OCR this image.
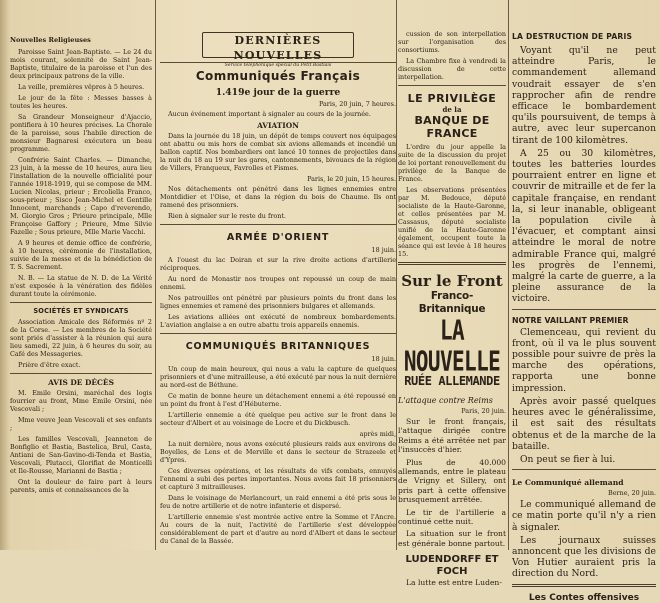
Nouvelles Religieuses

Paroisse Saint Jean-Baptiste. — Le 24 du mois courant, solennité de Saint Jean-Baptiste, titulaire de la paroisse et l'un des deux principaux patrons de la ville.

La veille, premières vêpres à 5 heures.

Le jour de la fête : Messes basses à toutes les heures.

Sa Grandeur Monseigneur d'Ajaccio, pontifiera à 10 heures précises. La Chorale de la paroisse, sous l'habile direction de monsieur Bagnaresi exécutera un beau programme.

Confrérie Saint Charles. — Dimanche, 23 juin, à la messe de 10 heures, aura lieu l'installation de la nouvelle officialité pour l'année 1918-1919, qui se compose de MM. Lucien Nicolas, prieur ; Ercoliella Franco, sous-prieur ; Sisco Jean-Michel et Gentille Innocent, marchands ; Capo d'reverendo, M. Giorgio Gros ; Prieure principale, Mlle Françoise Gaffory ; Prieure, Mme Silvie Fazelle ; Sous prieure, Mlle Marie Vacchi.

A 9 heures et demie office de confrérie, à 10 heures, cérémonie de l'installation, suivie de la messe et de la bénédiction de T. S. Sacrement.

N. B. — La statue de N. D. de La Vérité n'est exposée à la vénération des fidèles durant toute la cérémonie.

SOCIÉTÉS ET SYNDICATS

Association Amicale des Réformés nº 2 de la Corse. — Les membres de la Société sont priés d'assister à la réunion qui aura lieu samedi, 22 juin, à 6 heures du soir, au Café des Messageries.

Prière d'être exact.

AVIS DE DÉCÈS

M. Emile Orsini, maréchal des logis fourrier au front, Mme Emile Orsini, née Vescovali ;

Mme veuve Jean Vescovali et ses enfants ;

Les familles Vescovali, Jeanneton de Bonfiglio et Bastia, Bastelica, Brul, Casta, Antiani de San-Gavino-di-Tenda et Bastia, Vescovali, Plutacci, Glorifiat de Monticelli et Ile-Rousse, Marianni de Bastia ;

Ont la douleur de faire part à leurs parents, amis et connaissances de la

DERNIÈRES NOUVELLES
Service téléphonique spécial du Petit Bastiais
Communiqués Français
1.419e jour de la guerre
Paris, 20 juin, 7 heures.

Aucun événement important à signaler au cours de la journée.

AVIATION

Dans la journée du 18 juin, un dépôt de temps couvert nos équipages ont abattu ou mis hors de combat six avions allemands et incendié un ballon captif. Nos bombardiers ont lancé 10 tonnes de projectiles dans la nuit du 18 au 19 sur les gares, cantonnements, bivouacs de la région de Villers, Franqueux, Favrolles et Fismes.

Paris, le 20 juin, 15 heures.

Nos détachements ont pénétré dans les lignes ennemies entre Montdidier et l'Oise, et dans la région du bois de Chaume. Ils ont ramené des prisonniers.

Rien à signaler sur le reste du front.

ARMÉE D'ORIENT
18 juin.

A l'ouest du lac Doiran et sur la rive droite actions d'artillerie réciproques.

Au nord de Monastir nos troupes ont repoussé un coup de main ennemi.

Nos patrouilles ont pénétré par plusieurs points du front dans les lignes ennemies et ramené des prisonniers bulgares et allemands.

Les aviations alliées ont exécuté de nombreux bombardements. L'aviation anglaise a en outre abattu trois appareils ennemis.

COMMUNIQUÉS BRITANNIQUES
18 juin.

Un coup de main heureux, qui nous a valu la capture de quelques prisonniers et d'une mitrailleuse, a été exécuté par nous la nuit dernière au nord-est de Béthune.

Ce matin de bonne heure un détachement ennemi a été repoussé en un point du front à l'est d'Hébuterne.

L'artillerie ennemie a été quelque peu active sur le front dans le secteur d'Albert et au voisinage de Locre et du Dickbusch.

après midi,

La nuit dernière, nous avons exécuté plusieurs raids aux environs de Boyelles, de Lens et de Merville et dans le secteur de Strazeele et d'Ypres.

Ces diverses opérations, et les résultats de vifs combats, ennuyés l'ennemi a subi des pertes importantes. Nous avons fait 18 prisonniers et capturé 3 mitrailleuses.

Dans le voisinage de Merlancourt, un raid ennemi a été pris sous le feu de notre artillerie et de notre infanterie et dispersé.

L'artillerie ennemie s'est montrée active entre la Somme et l'Ancre. Au cours de la nuit, l'activité de l'artillerie s'est développée considérablement de part et d'autre au nord d'Albert et dans le secteur du Canal de la Bassée.

cussion de son interpellation sur l'organisation des consortiums.

La Chambre fixe à vendredi la discussion de cette interpellation.

LE PRIVILÈGE
de la
BANQUE DE FRANCE

L'ordre du jour appelle la suite de la discussion du projet de loi portant renouvellement du privilège de la Banque de France.

Les observations présentées par M. Bedouce, député socialiste de la Haute-Garonne, et celles présentées par M. Cassasus, député socialiste unifié de la Haute-Garonne également, occupent toute la séance qui est levée à 18 heures 15.

Sur le Front
Franco-Britannique
LA NOUVELLE
RUÉE ALLEMANDE
L'attaque contre Reims
Paris, 20 juin.

Sur le front français, l'attaque dirigée contre Reims a été arrêtée net par l'insuccès d'hier.

Plus de 40.000 allemands, entre le plateau de Vrigny et Sillery, ont pris part à cette offensive brusquement arrêtée.

Le tir de l'artillerie a continué cette nuit.

La situation sur le front est générale bonne partout.

LUDENDORFF ET FOCH

La lutte est entre Luden-

LA DESTRUCTION DE PARIS

Voyant qu'il ne peut atteindre Paris, le commandement allemand voudrait essayer de s'en rapprocher afin de rendre efficace le bombardement qu'ils poursuivent, de temps à autre, avec leur supercanon tirant de 100 kilomètres.

A 25 ou 30 kilomètres, toutes les batteries lourdes pourraient entrer en ligne et couvrir de mitraille et de fer la capitale française, en rendant la, si leur inanable, obligeant la population civile à l'évacuer, et comptant ainsi atteindre le moral de notre admirable France qui, malgré les progrès de l'ennemi, malgré la carte de guerre, a la pleine assurance de la victoire.

NOTRE VAILLANT PREMIER

Clemenceau, qui revient du front, où il va le plus souvent possible pour suivre de près la marche des opérations, rapporta une bonne impression.

Après avoir passé quelques heures avec le généralissime, il est sait des résultats obtenus et de la marche de la bataille.

On peut se fier à lui.

Le Communiqué allemand
Berne, 20 juin.

Le communiqué allemand de ce matin porte qu'il n'y a rien à signaler.

Les journaux suisses annoncent que les divisions de Von Hutier auraient pris la direction du Nord.

Les Contes offensives
